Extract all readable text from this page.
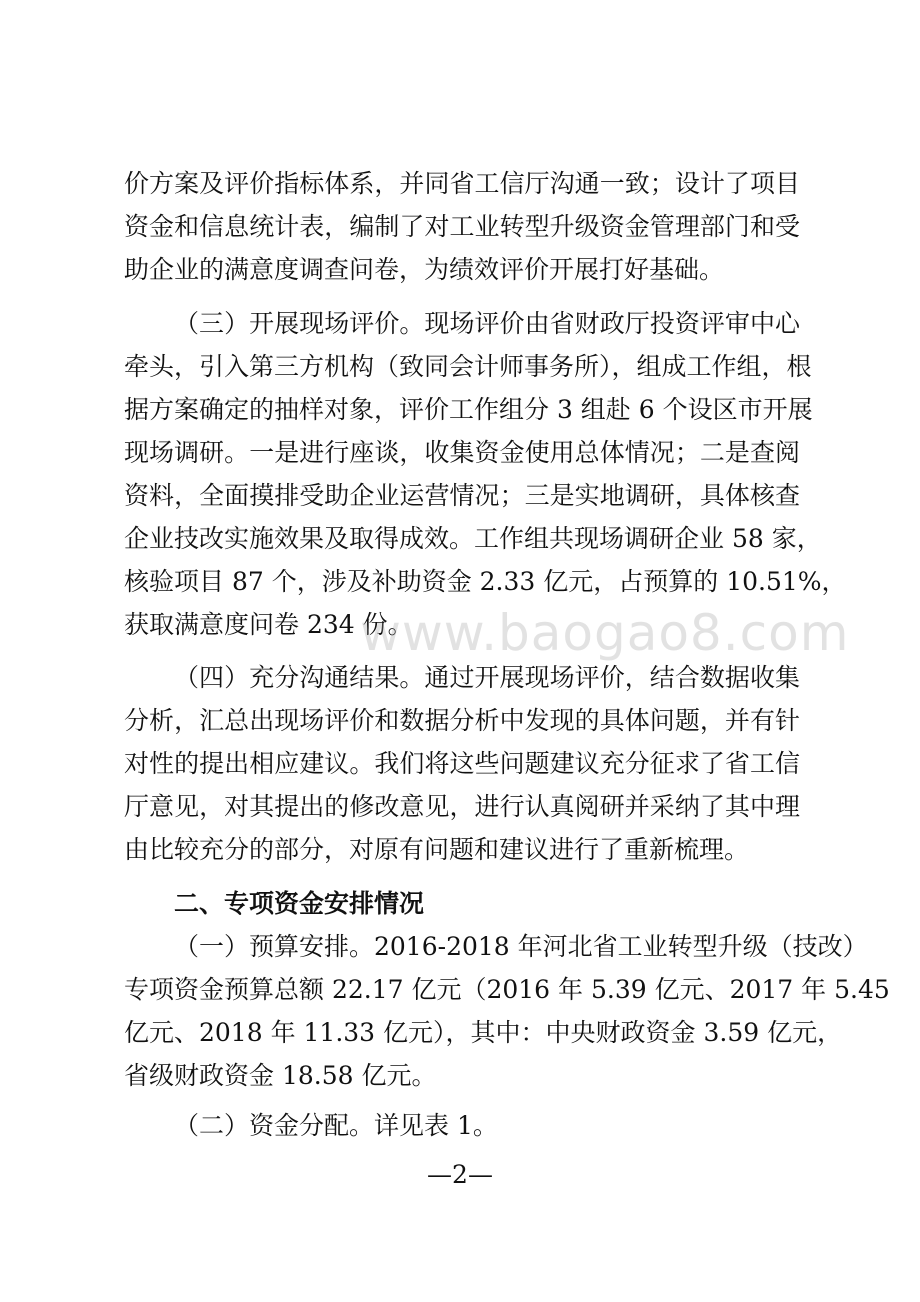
价方案及评价指标体系，并同省工信厅沟通一致；设计了项目
资金和信息统计表，编制了对工业转型升级资金管理部门和受
助企业的满意度调查问卷，为绩效评价开展打好基础。
（三）开展现场评价。现场评价由省财政厅投资评审中心
牵头，引入第三方机构（致同会计师事务所），组成工作组，根
据方案确定的抽样对象，评价工作组分 3 组赴 6 个设区市开展
现场调研。一是进行座谈，收集资金使用总体情况；二是查阅
资料，全面摸排受助企业运营情况；三是实地调研，具体核查
企业技改实施效果及取得成效。工作组共现场调研企业 58 家，
核验项目 87 个，涉及补助资金 2.33 亿元，占预算的 10.51%，
获取满意度问卷 234 份。
www.baogao8.com
（四）充分沟通结果。通过开展现场评价，结合数据收集
分析，汇总出现场评价和数据分析中发现的具体问题，并有针
对性的提出相应建议。我们将这些问题建议充分征求了省工信
厅意见，对其提出的修改意见，进行认真阅研并采纳了其中理
由比较充分的部分，对原有问题和建议进行了重新梳理。
二、专项资金安排情况
（一）预算安排。2016-2018 年河北省工业转型升级（技改）
专项资金预算总额 22.17 亿元（2016 年 5.39 亿元、2017 年 5.45
亿元、2018 年 11.33 亿元），其中：中央财政资金 3.59 亿元，
省级财政资金 18.58 亿元。
（二）资金分配。详见表 1。
—2—
